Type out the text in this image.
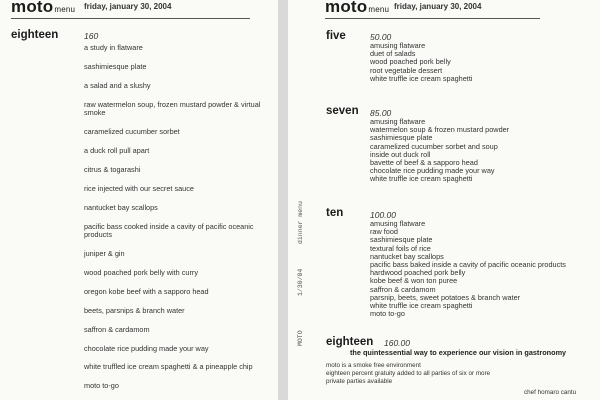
motomenu friday, january 30, 2004
eighteen	160
a study in flatware
sashimiesque plate
a salad and a slushy
raw watermelon soup, frozen mustard powder & virtual smoke
caramelized cucumber sorbet
a duck roll pull apart
citrus & togarashi
rice injected with our secret sauce
nantucket bay scallops
pacific bass cooked inside a cavity of pacific oceanic products
juniper & gin
wood poached pork belly with curry
oregon kobe beef with a sapporo head
beets, parsnips & branch water
saffron & cardamom
chocolate rice pudding made your way
white truffled ice cream spaghetti & a pineapple chip
moto to-go
motomenu friday, january 30, 2004
five	50.00
amusing flatware
duet of salads
wood poached pork belly
root vegetable dessert
white truffle ice cream spaghetti
seven 85.00
amusing flatware
watermelon soup & frozen mustard powder
sashimiesque plate
caramelized cucumber sorbet and soup
inside out duck roll
bavette of beef & a sapporo head
chocolate rice pudding made your way
white truffle ice cream spaghetti
ten	100.00
amusing flatware
raw food
sashimiesque plate
textural foils of rice
nantucket bay scallops
pacific bass baked inside a cavity of pacific oceanic products
hardwood poached pork belly
kobe beef & won ton puree
saffron & cardamom
parsnip, beets, sweet potatoes & branch water
white truffle ice cream spaghetti
moto to-go
eighteen 160.00
the quintessential way to experience our vision in gastronomy
moto is a smoke free environment
eighteen percent gratuity added to all parties of six or more
private parties available
chef homaro cantu
dinner menu
1/30/04
MOTO
